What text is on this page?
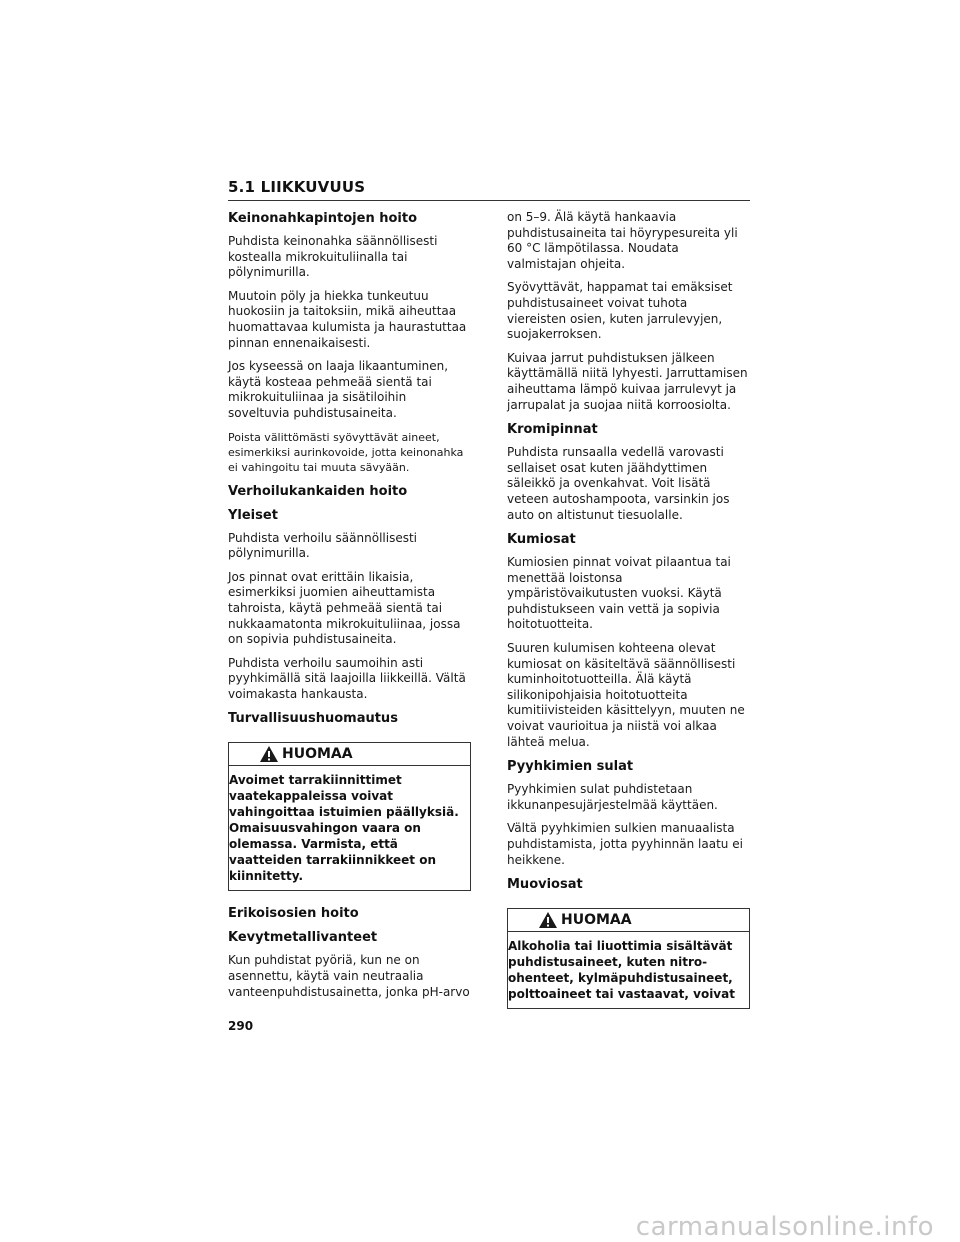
5.1 LIIKKUVUUS
Keinonahkapintojen hoito
Puhdista keinonahka säännöllisesti kostealla mikrokuituliinalla tai pölynimurilla.
Muutoin pöly ja hiekka tunkeutuu huokosiin ja taitoksiin, mikä aiheuttaa huomattavaa kulumista ja haurastuttaa pinnan ennenaikaisesti.
Jos kyseessä on laaja likaantuminen, käytä kosteaa pehmeää sientä tai mikrokuituliinaa ja sisätiloihin soveltuvia puhdistusaineita.
Poista välittömästi syövyttävät aineet, esimerkiksi aurinkovoide, jotta keinonahka ei vahingoitu tai muuta sävyään.
Verhoilukankaiden hoito
Yleiset
Puhdista verhoilu säännöllisesti pölynimurilla.
Jos pinnat ovat erittäin likaisia, esimerkiksi juomien aiheuttamista tahroista, käytä pehmeää sientä tai nukkaamatonta mikrokuituliinaa, jossa on sopivia puhdistusaineita.
Puhdista verhoilu saumoihin asti pyyhkimällä sitä laajoilla liikkeillä. Vältä voimakasta hankausta.
Turvallisuushuomautus
HUOMAA
Avoimet tarrakiinnittimet vaatekappaleissa voivat vahingoittaa istuimien päällyksiä. Omaisuusvahingon vaara on olemassa. Varmista, että vaatteiden tarrakiinnikkeet on kiinnitetty.
Erikoisosien hoito
Kevytmetallivanteet
Kun puhdistat pyöriä, kun ne on asennettu, käytä vain neutraalia vanteenpuhdistusainetta, jonka pH-arvo
on 5–9. Älä käytä hankaavia puhdistusaineita tai höyrypesureita yli 60 °C lämpötilassa. Noudata valmistajan ohjeita.
Syövyttävät, happamat tai emäksiset puhdistusaineet voivat tuhota viereisten osien, kuten jarrulevyjen, suojakerroksen.
Kuivaa jarrut puhdistuksen jälkeen käyttämällä niitä lyhyesti. Jarruttamisen aiheuttama lämpö kuivaa jarrulevyt ja jarrupalat ja suojaa niitä korroosiolta.
Kromipinnat
Puhdista runsaalla vedellä varovasti sellaiset osat kuten jäähdyttimen säleikkö ja ovenkahvat. Voit lisätä veteen autoshampoota, varsinkin jos auto on altistunut tiesuolalle.
Kumiosat
Kumiosien pinnat voivat pilaantua tai menettää loistonsa ympäristövaikutusten vuoksi. Käytä puhdistukseen vain vettä ja sopivia hoitotuotteita.
Suuren kulumisen kohteena olevat kumiosat on käsiteltävä säännöllisesti kuminhoitotuotteilla. Älä käytä silikonipohjaisia hoitotuotteita kumitiivisteiden käsittelyyn, muuten ne voivat vaurioitua ja niistä voi alkaa lähteä melua.
Pyyhkimien sulat
Pyyhkimien sulat puhdistetaan ikkunanpesujärjestelmää käyttäen.
Vältä pyyhkimien sulkien manuaalista puhdistamista, jotta pyyhinnän laatu ei heikkene.
Muoviosat
HUOMAA
Alkoholia tai liuottimia sisältävät puhdistusaineet, kuten nitro-ohenteet, kylmäpuhdistusaineet, polttoaineet tai vastaavat, voivat
290
carmanualsonline.info
